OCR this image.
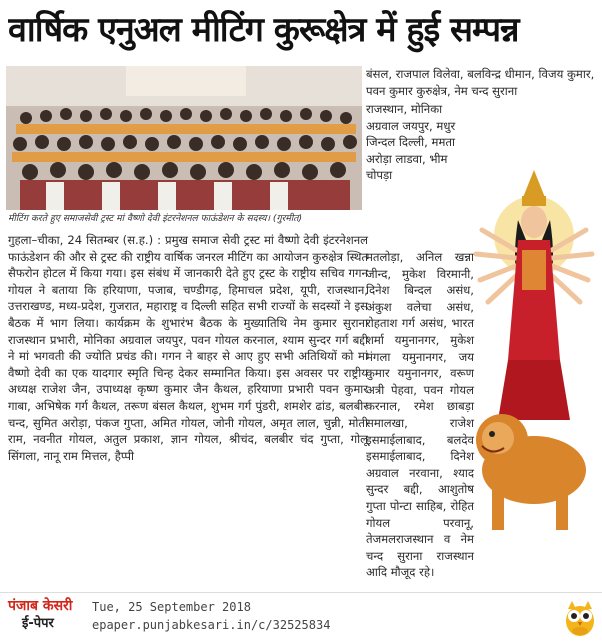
वार्षिक एनुअल मीटिंग कुरूक्षेत्र में हुई सम्पन्न
मीटिंग करते हुए समाजसेवी ट्रस्ट मां वैष्णो देवी इंटरनेशनल फाऊंडेशन के सदस्य। (गुरमीत)

गुहला–चीका, 24 सितम्बर (स.ह.) : प्रमुख समाज सेवी ट्रस्ट मां वैष्णो देवी इंटरनेशनल फाऊंडेशन की और से ट्रस्ट की राष्ट्रीय वार्षिक जनरल मीटिंग का आयोजन कुरुक्षेत्र स्थित सैफरोन होटल में किया गया। इस संबंध में जानकारी देते हुए ट्रस्ट के राष्ट्रीय सचिव गगन गोयल ने बताया कि हरियाणा, पजाब, चण्डीगढ़, हिमाचल प्रदेश, यूपी, राजस्थान, उत्तराखण्ड, मध्य-प्रदेश, गुजरात, महाराष्ट्र व दिल्ली सहित सभी राज्यों के सदस्यों ने इस बैठक में भाग लिया। कार्यक्रम के शुभारंभ बैठक के मुख्यातिथि नेम कुमार सुराना राजस्थान प्रभारी, मोनिका अग्रवाल जयपुर, पवन गोयल करनाल, श्याम सुन्दर गर्ग बद्दी ने मां भगवती की ज्योति प्रचंड की। गगन ने बाहर से आए हुए सभी अतिथियों को मां वैष्णो देवी का एक यादगार स्मृति चिन्ह देकर सम्मानित किया। इस अवसर पर राष्ट्रीय अध्यक्ष राजेश जैन, उपाध्यक्ष कृष्ण कुमार जैन कैथल, हरियाणा प्रभारी पवन कुमार गाबा, अभिषेक गर्ग कैथल, तरूण बंसल कैथल, शुभम गर्ग पुंडरी, शमशेर ढांड, बलबीर चन्द, सुमित अरोड़ा, पंकज गुप्ता, अमित गोयल, जोनी गोयल, अमृत लाल, चुन्नी, मोती राम, नवनीत गोयल, अतुल प्रकाश, ज्ञान गोयल, श्रीचंद, बलबीर चंद गुप्ता, गोलू सिंगला, नानू राम मित्तल, हैप्पी

बंसल, राजपाल विलेवा, बलविन्द्र धीमान, विजय कुमार, पवन कुमार कुरुक्षेत्र, नेम चन्द सुराना

राजस्थान, मोनिका अग्रवाल जयपुर, मधुर जिन्दल दिल्ली, ममता अरोड़ा लाडवा, भीम चोपड़ा

मतलोड़ा, अनिल खन्ना जीन्द, मुकेश विरमानी, दिनेश बिन्दल असंध, अंकुश वलेचा असंध, रोहताश गर्ग असंध, भारत शर्मा यमुनानगर, मुकेश मंगला यमुनानगर, जय कुमार यमुनानगर, वरूण अत्री पेहवा, पवन गोयल करनाल, रमेश छाबड़ा समालखा, राजेश इसमाईलाबाद, बलदेव इसमाईलाबाद, दिनेश अग्रवाल नरवाना, श्याद सुन्दर बद्दी, आशुतोष गुप्ता पोन्टा साहिब, रोहित गोयल परवानू, तेजमलराजस्थान व नेम चन्द सुराना राजस्थान आदि मौजूद रहे।

पंजाब केसरी
ई-पेपर
Tue, 25 September 2018
epaper.punjabkesari.in/c/32525834
